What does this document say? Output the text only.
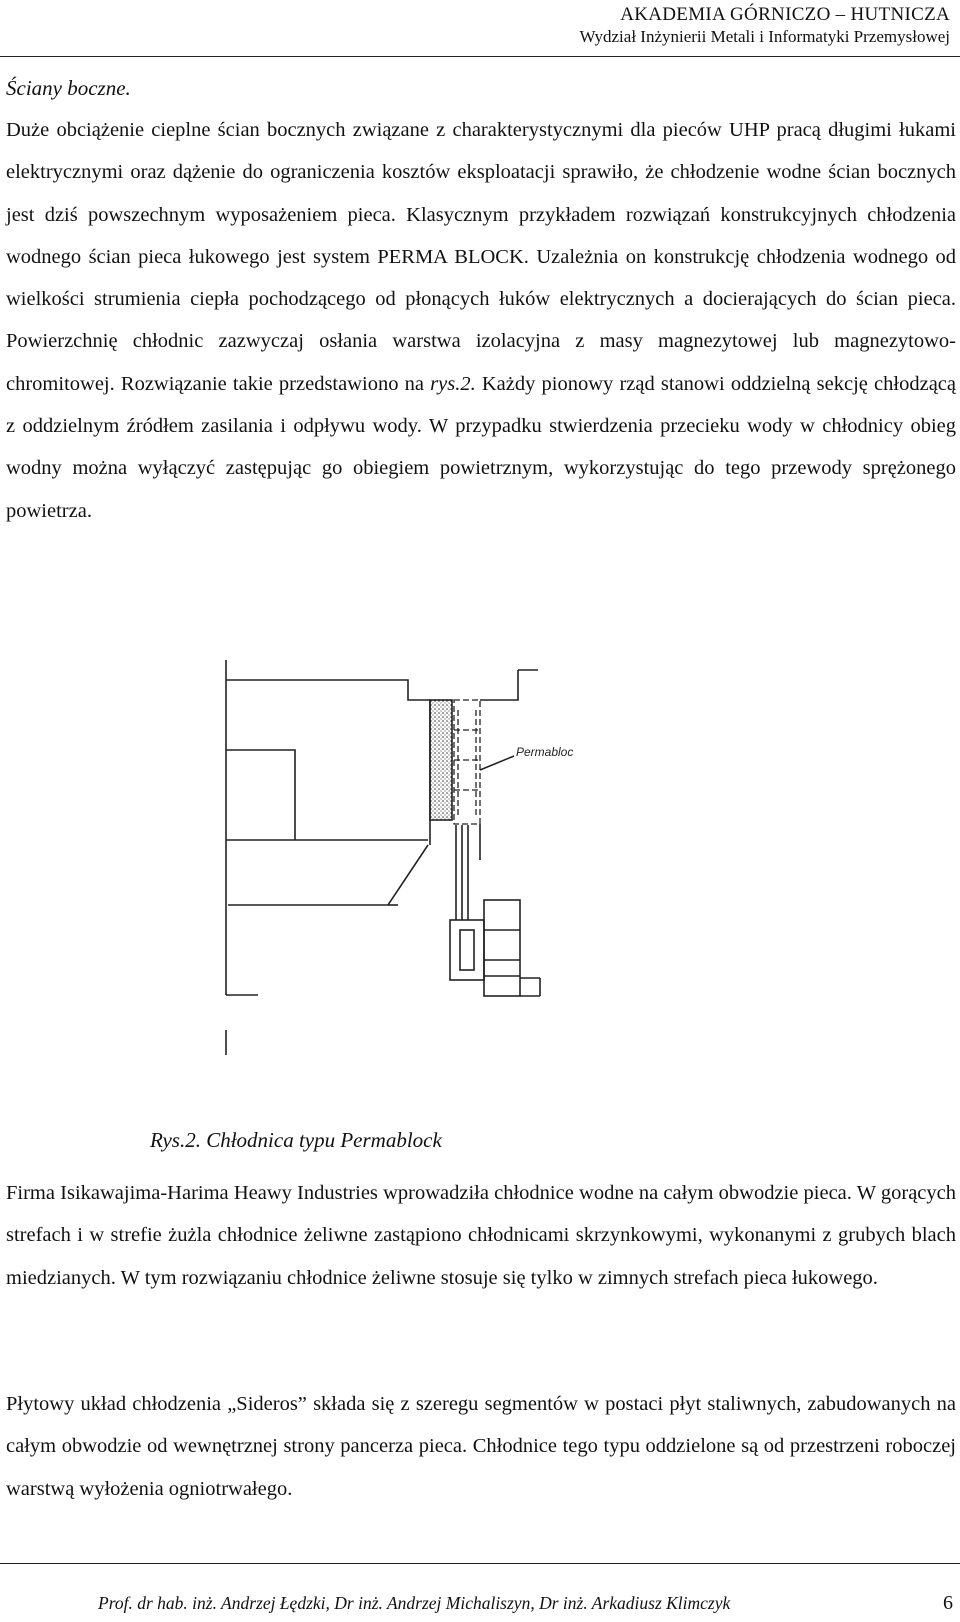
AKADEMIA GÓRNICZO – HUTNICZA
Wydział Inżynierii Metali i Informatyki Przemysłowej
Ściany boczne.

Duże obciążenie cieplne ścian bocznych związane z charakterystycznymi dla pieców UHP pracą długimi łukami elektrycznymi oraz dążenie do ograniczenia kosztów eksploatacji sprawiło, że chłodzenie wodne ścian bocznych jest dziś powszechnym wyposażeniem pieca. Klasycznym przykładem rozwiązań konstrukcyjnych chłodzenia wodnego ścian pieca łukowego jest system PERMA BLOCK. Uzależnia on konstrukcję chłodzenia wodnego od wielkości strumienia ciepła pochodzącego od płonących łuków elektrycznych a docierających do ścian pieca. Powierzchnię chłodnic zazwyczaj osłania warstwa izolacyjna z masy magnezytowej lub magnezytowo-chromitowej. Rozwiązanie takie przedstawiono na rys.2. Każdy pionowy rząd stanowi oddzielną sekcję chłodzącą z oddzielnym źródłem zasilania i odpływu wody. W przypadku stwierdzenia przecieku wody w chłodnicy obieg wodny można wyłączyć zastępując go obiegiem powietrznym, wykorzystując do tego przewody sprężonego powietrza.

Permabloc
Rys.2. Chłodnica typu Permablock

Firma Isikawajima-Harima Heawy Industries wprowadziła chłodnice wodne na całym obwodzie pieca. W gorących strefach i w strefie żużla chłodnice żeliwne zastąpiono chłodnicami skrzynkowymi, wykonanymi z grubych blach miedzianych. W tym rozwiązaniu chłodnice żeliwne stosuje się tylko w zimnych strefach pieca łukowego.

Płytowy układ chłodzenia „Sideros” składa się z szeregu segmentów w postaci płyt staliwnych, zabudowanych na całym obwodzie od wewnętrznej strony pancerza pieca. Chłodnice tego typu oddzielone są od przestrzeni roboczej warstwą wyłożenia ogniotrwałego.

Prof. dr hab. inż. Andrzej Łędzki, Dr inż. Andrzej Michaliszyn, Dr inż. Arkadiusz Klimczyk	6
